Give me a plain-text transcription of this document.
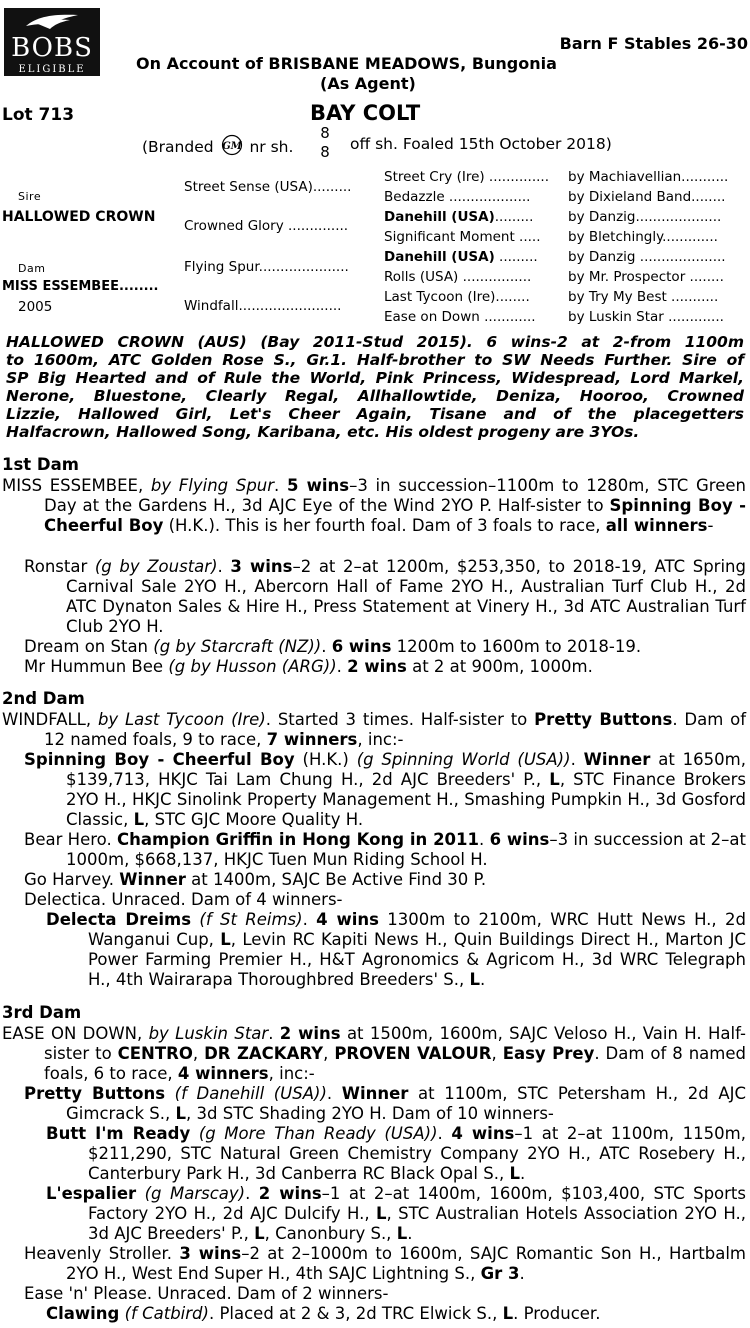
BOBS
ELIGIBLE
Barn F Stables 26-30
On Account of BRISBANE MEADOWS, Bungonia
(As Agent)
Lot 713	BAY COLT
(Branded GM nr sh.
8
8 off sh. Foaled 15th October 2018)
Sire
HALLOWED CROWN
Dam
MISS ESSEMBEE........
2005
Street Sense (USA).........
Crowned Glory ..............
Flying Spur.....................
Windfall........................
Street Cry (Ire) ..............
Bedazzle ...................
Danehill (USA).........
Significant Moment .....
Danehill (USA) .........
Rolls (USA) ................
Last Tycoon (Ire)........
Ease on Down ............
by Machiavellian...........
by Dixieland Band........
by Danzig....................
by Bletchingly.............
by Danzig ....................
by Mr. Prospector ........
by Try My Best ...........
by Luskin Star .............
HALLOWED CROWN (AUS) (Bay 2011-Stud 2015). 6 wins-2 at 2-from 1100m
to 1600m, ATC Golden Rose S., Gr.1. Half-brother to SW Needs Further. Sire of
SP Big Hearted and of Rule the World, Pink Princess, Widespread, Lord Markel,
Nerone, Bluestone, Clearly Regal, Allhallowtide, Deniza, Hooroo, Crowned
Lizzie, Hallowed Girl, Let's Cheer Again, Tisane and of the placegetters
Halfacrown, Hallowed Song, Karibana, etc. His oldest progeny are 3YOs.
1st Dam
MISS ESSEMBEE, by Flying Spur. 5 wins–3 in succession–1100m to 1280m, STC Green Day at the Gardens H., 3d AJC Eye of the Wind 2YO P. Half-sister to Spinning Boy - Cheerful Boy (H.K.). This is her fourth foal. Dam of 3 foals to race, all winners-
Ronstar (g by Zoustar). 3 wins–2 at 2–at 1200m, $253,350, to 2018-19, ATC Spring Carnival Sale 2YO H., Abercorn Hall of Fame 2YO H., Australian Turf Club H., 2d ATC Dynaton Sales & Hire H., Press Statement at Vinery H., 3d ATC Australian Turf Club 2YO H.
Dream on Stan (g by Starcraft (NZ)). 6 wins 1200m to 1600m to 2018-19.
Mr Hummun Bee (g by Husson (ARG)). 2 wins at 2 at 900m, 1000m.
2nd Dam
WINDFALL, by Last Tycoon (Ire). Started 3 times. Half-sister to Pretty Buttons. Dam of 12 named foals, 9 to race, 7 winners, inc:-
Spinning Boy - Cheerful Boy (H.K.) (g Spinning World (USA)). Winner at 1650m, $139,713, HKJC Tai Lam Chung H., 2d AJC Breeders' P., L, STC Finance Brokers 2YO H., HKJC Sinolink Property Management H., Smashing Pumpkin H., 3d Gosford Classic, L, STC GJC Moore Quality H.
Bear Hero. Champion Griffin in Hong Kong in 2011. 6 wins–3 in succession at 2–at 1000m, $668,137, HKJC Tuen Mun Riding School H.
Go Harvey. Winner at 1400m, SAJC Be Active Find 30 P.
Delectica. Unraced. Dam of 4 winners-
Delecta Dreims (f St Reims). 4 wins 1300m to 2100m, WRC Hutt News H., 2d Wanganui Cup, L, Levin RC Kapiti News H., Quin Buildings Direct H., Marton JC Power Farming Premier H., H&T Agronomics & Agricom H., 3d WRC Telegraph H., 4th Wairarapa Thoroughbred Breeders' S., L.
3rd Dam
EASE ON DOWN, by Luskin Star. 2 wins at 1500m, 1600m, SAJC Veloso H., Vain H. Half-sister to CENTRO, DR ZACKARY, PROVEN VALOUR, Easy Prey. Dam of 8 named foals, 6 to race, 4 winners, inc:-
Pretty Buttons (f Danehill (USA)). Winner at 1100m, STC Petersham H., 2d AJC Gimcrack S., L, 3d STC Shading 2YO H. Dam of 10 winners-
Butt I'm Ready (g More Than Ready (USA)). 4 wins–1 at 2–at 1100m, 1150m, $211,290, STC Natural Green Chemistry Company 2YO H., ATC Rosebery H., Canterbury Park H., 3d Canberra RC Black Opal S., L.
L'espalier (g Marscay). 2 wins–1 at 2–at 1400m, 1600m, $103,400, STC Sports Factory 2YO H., 2d AJC Dulcify H., L, STC Australian Hotels Association 2YO H., 3d AJC Breeders' P., L, Canonbury S., L.
Heavenly Stroller. 3 wins–2 at 2–1000m to 1600m, SAJC Romantic Son H., Hartbalm 2YO H., West End Super H., 4th SAJC Lightning S., Gr 3.
Ease 'n' Please. Unraced. Dam of 2 winners-
Clawing (f Catbird). Placed at 2 & 3, 2d TRC Elwick S., L. Producer.
